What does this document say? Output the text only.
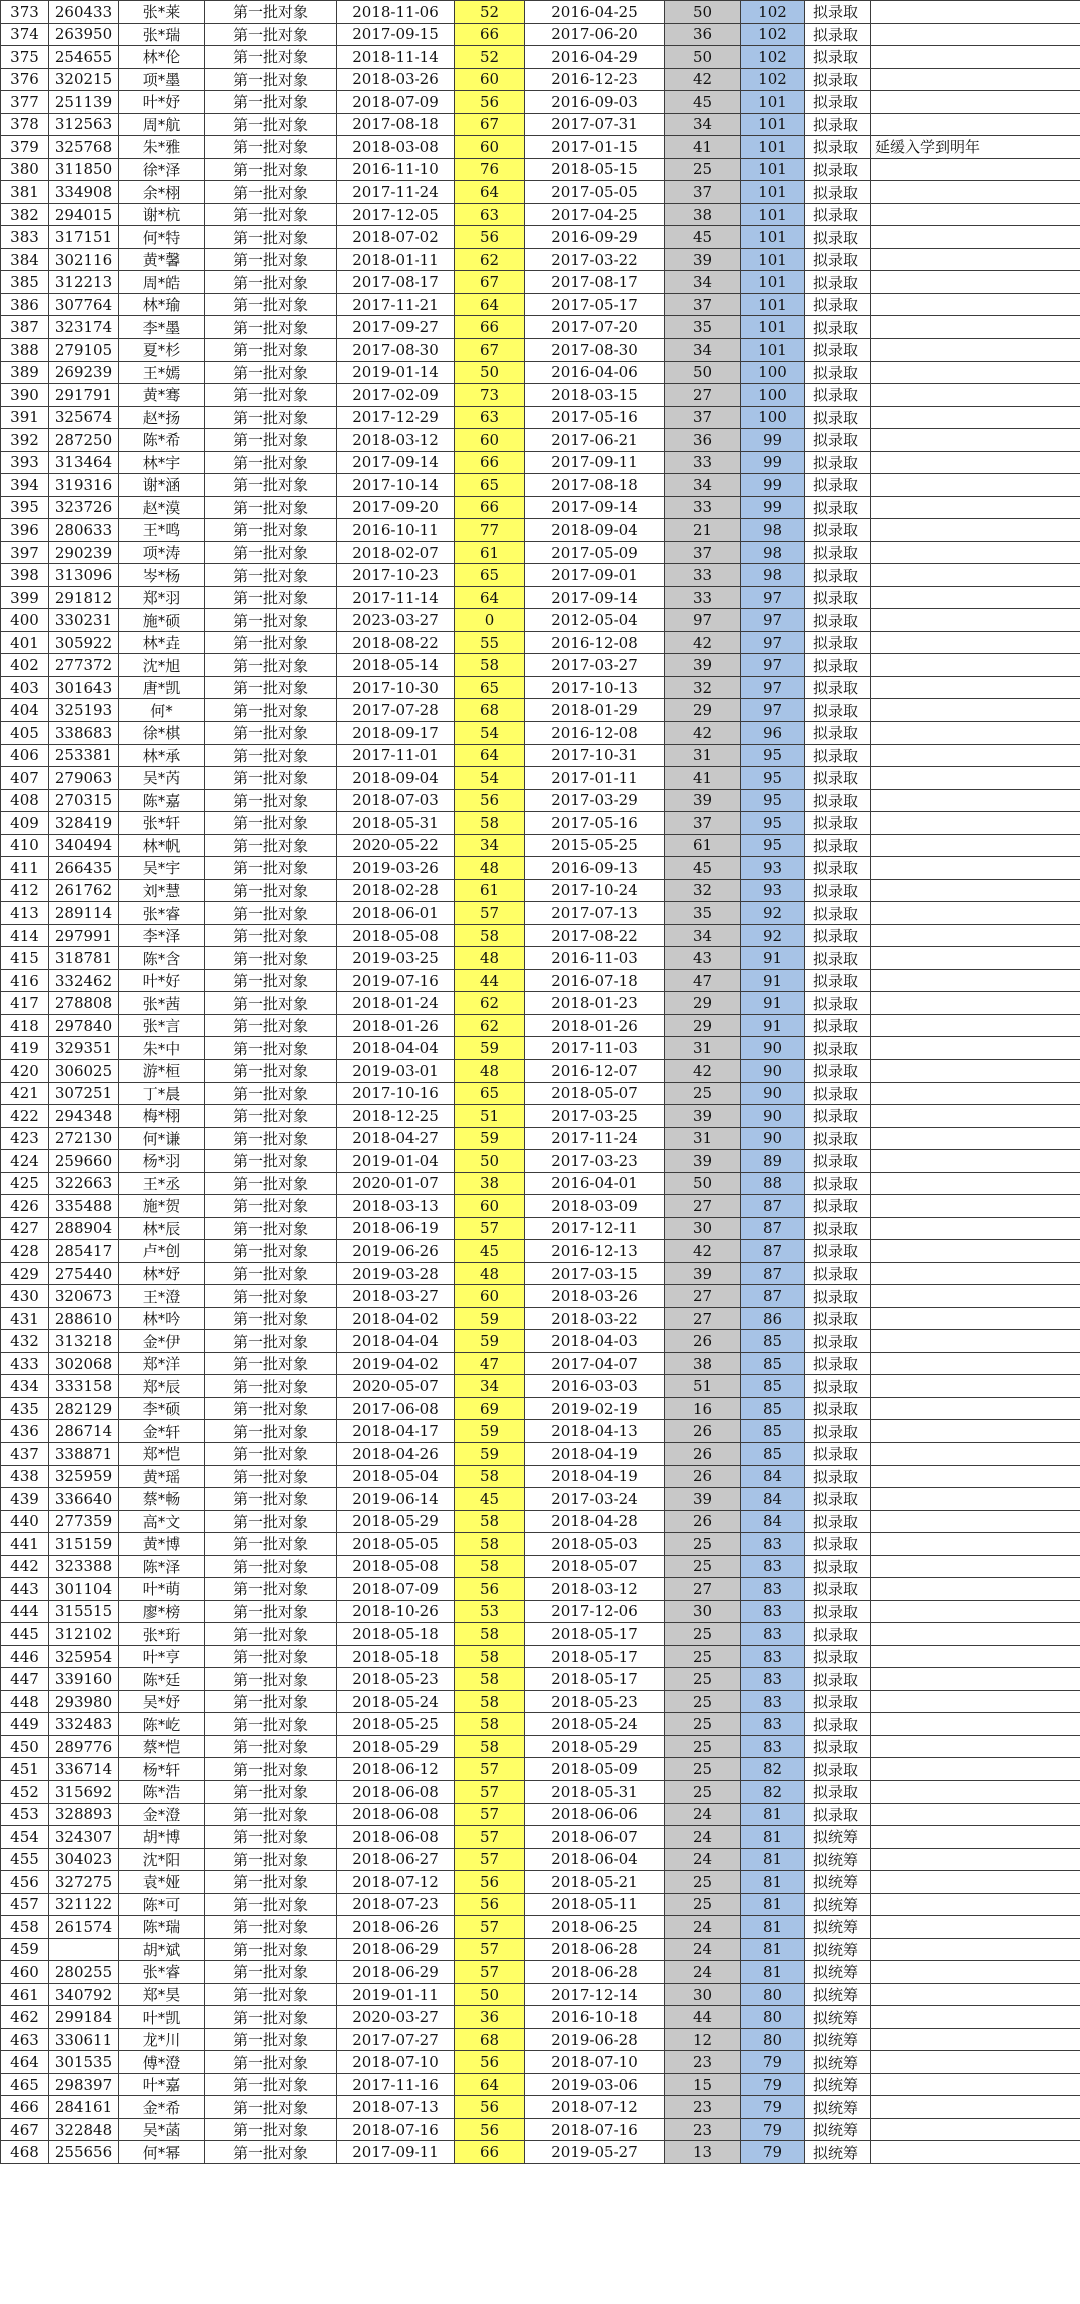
373	260433	张*莱	第一批对象	2018-11-06	52	2016-04-25	50	102	拟录取	
374	263950	张*瑞	第一批对象	2017-09-15	66	2017-06-20	36	102	拟录取	
375	254655	林*伦	第一批对象	2018-11-14	52	2016-04-29	50	102	拟录取	
376	320215	项*墨	第一批对象	2018-03-26	60	2016-12-23	42	102	拟录取	
377	251139	叶*妤	第一批对象	2018-07-09	56	2016-09-03	45	101	拟录取	
378	312563	周*航	第一批对象	2017-08-18	67	2017-07-31	34	101	拟录取	
379	325768	朱*雅	第一批对象	2018-03-08	60	2017-01-15	41	101	拟录取	延缓入学到明年
380	311850	徐*泽	第一批对象	2016-11-10	76	2018-05-15	25	101	拟录取	
381	334908	余*栩	第一批对象	2017-11-24	64	2017-05-05	37	101	拟录取	
382	294015	谢*杭	第一批对象	2017-12-05	63	2017-04-25	38	101	拟录取	
383	317151	何*特	第一批对象	2018-07-02	56	2016-09-29	45	101	拟录取	
384	302116	黄*馨	第一批对象	2018-01-11	62	2017-03-22	39	101	拟录取	
385	312213	周*皓	第一批对象	2017-08-17	67	2017-08-17	34	101	拟录取	
386	307764	林*瑜	第一批对象	2017-11-21	64	2017-05-17	37	101	拟录取	
387	323174	李*墨	第一批对象	2017-09-27	66	2017-07-20	35	101	拟录取	
388	279105	夏*杉	第一批对象	2017-08-30	67	2017-08-30	34	101	拟录取	
389	269239	王*嫣	第一批对象	2019-01-14	50	2016-04-06	50	100	拟录取	
390	291791	黄*骞	第一批对象	2017-02-09	73	2018-03-15	27	100	拟录取	
391	325674	赵*扬	第一批对象	2017-12-29	63	2017-05-16	37	100	拟录取	
392	287250	陈*希	第一批对象	2018-03-12	60	2017-06-21	36	99	拟录取	
393	313464	林*宇	第一批对象	2017-09-14	66	2017-09-11	33	99	拟录取	
394	319316	谢*涵	第一批对象	2017-10-14	65	2017-08-18	34	99	拟录取	
395	323726	赵*漠	第一批对象	2017-09-20	66	2017-09-14	33	99	拟录取	
396	280633	王*鸣	第一批对象	2016-10-11	77	2018-09-04	21	98	拟录取	
397	290239	项*涛	第一批对象	2018-02-07	61	2017-05-09	37	98	拟录取	
398	313096	岑*杨	第一批对象	2017-10-23	65	2017-09-01	33	98	拟录取	
399	291812	郑*羽	第一批对象	2017-11-14	64	2017-09-14	33	97	拟录取	
400	330231	施*硕	第一批对象	2023-03-27	0	2012-05-04	97	97	拟录取	
401	305922	林*垚	第一批对象	2018-08-22	55	2016-12-08	42	97	拟录取	
402	277372	沈*旭	第一批对象	2018-05-14	58	2017-03-27	39	97	拟录取	
403	301643	唐*凯	第一批对象	2017-10-30	65	2017-10-13	32	97	拟录取	
404	325193	何*	第一批对象	2017-07-28	68	2018-01-29	29	97	拟录取	
405	338683	徐*棋	第一批对象	2018-09-17	54	2016-12-08	42	96	拟录取	
406	253381	林*承	第一批对象	2017-11-01	64	2017-10-31	31	95	拟录取	
407	279063	吴*芮	第一批对象	2018-09-04	54	2017-01-11	41	95	拟录取	
408	270315	陈*嘉	第一批对象	2018-07-03	56	2017-03-29	39	95	拟录取	
409	328419	张*轩	第一批对象	2018-05-31	58	2017-05-16	37	95	拟录取	
410	340494	林*帆	第一批对象	2020-05-22	34	2015-05-25	61	95	拟录取	
411	266435	吴*宇	第一批对象	2019-03-26	48	2016-09-13	45	93	拟录取	
412	261762	刘*慧	第一批对象	2018-02-28	61	2017-10-24	32	93	拟录取	
413	289114	张*睿	第一批对象	2018-06-01	57	2017-07-13	35	92	拟录取	
414	297991	李*泽	第一批对象	2018-05-08	58	2017-08-22	34	92	拟录取	
415	318781	陈*含	第一批对象	2019-03-25	48	2016-11-03	43	91	拟录取	
416	332462	叶*好	第一批对象	2019-07-16	44	2016-07-18	47	91	拟录取	
417	278808	张*茜	第一批对象	2018-01-24	62	2018-01-23	29	91	拟录取	
418	297840	张*言	第一批对象	2018-01-26	62	2018-01-26	29	91	拟录取	
419	329351	朱*中	第一批对象	2018-04-04	59	2017-11-03	31	90	拟录取	
420	306025	游*桓	第一批对象	2019-03-01	48	2016-12-07	42	90	拟录取	
421	307251	丁*晨	第一批对象	2017-10-16	65	2018-05-07	25	90	拟录取	
422	294348	梅*栩	第一批对象	2018-12-25	51	2017-03-25	39	90	拟录取	
423	272130	何*谦	第一批对象	2018-04-27	59	2017-11-24	31	90	拟录取	
424	259660	杨*羽	第一批对象	2019-01-04	50	2017-03-23	39	89	拟录取	
425	322663	王*丞	第一批对象	2020-01-07	38	2016-04-01	50	88	拟录取	
426	335488	施*贺	第一批对象	2018-03-13	60	2018-03-09	27	87	拟录取	
427	288904	林*辰	第一批对象	2018-06-19	57	2017-12-11	30	87	拟录取	
428	285417	卢*创	第一批对象	2019-06-26	45	2016-12-13	42	87	拟录取	
429	275440	林*妤	第一批对象	2019-03-28	48	2017-03-15	39	87	拟录取	
430	320673	王*澄	第一批对象	2018-03-27	60	2018-03-26	27	87	拟录取	
431	288610	林*吟	第一批对象	2018-04-02	59	2018-03-22	27	86	拟录取	
432	313218	金*伊	第一批对象	2018-04-04	59	2018-04-03	26	85	拟录取	
433	302068	郑*洋	第一批对象	2019-04-02	47	2017-04-07	38	85	拟录取	
434	333158	郑*辰	第一批对象	2020-05-07	34	2016-03-03	51	85	拟录取	
435	282129	李*硕	第一批对象	2017-06-08	69	2019-02-19	16	85	拟录取	
436	286714	金*轩	第一批对象	2018-04-17	59	2018-04-13	26	85	拟录取	
437	338871	郑*恺	第一批对象	2018-04-26	59	2018-04-19	26	85	拟录取	
438	325959	黄*瑶	第一批对象	2018-05-04	58	2018-04-19	26	84	拟录取	
439	336640	蔡*畅	第一批对象	2019-06-14	45	2017-03-24	39	84	拟录取	
440	277359	高*文	第一批对象	2018-05-29	58	2018-04-28	26	84	拟录取	
441	315159	黄*博	第一批对象	2018-05-05	58	2018-05-03	25	83	拟录取	
442	323388	陈*泽	第一批对象	2018-05-08	58	2018-05-07	25	83	拟录取	
443	301104	叶*萌	第一批对象	2018-07-09	56	2018-03-12	27	83	拟录取	
444	315515	廖*榜	第一批对象	2018-10-26	53	2017-12-06	30	83	拟录取	
445	312102	张*珩	第一批对象	2018-05-18	58	2018-05-17	25	83	拟录取	
446	325954	叶*亨	第一批对象	2018-05-18	58	2018-05-17	25	83	拟录取	
447	339160	陈*廷	第一批对象	2018-05-23	58	2018-05-17	25	83	拟录取	
448	293980	吴*妤	第一批对象	2018-05-24	58	2018-05-23	25	83	拟录取	
449	332483	陈*屹	第一批对象	2018-05-25	58	2018-05-24	25	83	拟录取	
450	289776	蔡*恺	第一批对象	2018-05-29	58	2018-05-29	25	83	拟录取	
451	336714	杨*轩	第一批对象	2018-06-12	57	2018-05-09	25	82	拟录取	
452	315692	陈*浩	第一批对象	2018-06-08	57	2018-05-31	25	82	拟录取	
453	328893	金*澄	第一批对象	2018-06-08	57	2018-06-06	24	81	拟录取	
454	324307	胡*博	第一批对象	2018-06-08	57	2018-06-07	24	81	拟统筹	
455	304023	沈*阳	第一批对象	2018-06-27	57	2018-06-04	24	81	拟统筹	
456	327275	袁*娅	第一批对象	2018-07-12	56	2018-05-21	25	81	拟统筹	
457	321122	陈*可	第一批对象	2018-07-23	56	2018-05-11	25	81	拟统筹	
458	261574	陈*瑞	第一批对象	2018-06-26	57	2018-06-25	24	81	拟统筹	
459		胡*斌	第一批对象	2018-06-29	57	2018-06-28	24	81	拟统筹	
460	280255	张*睿	第一批对象	2018-06-29	57	2018-06-28	24	81	拟统筹	
461	340792	郑*昊	第一批对象	2019-01-11	50	2017-12-14	30	80	拟统筹	
462	299184	叶*凯	第一批对象	2020-03-27	36	2016-10-18	44	80	拟统筹	
463	330611	龙*川	第一批对象	2017-07-27	68	2019-06-28	12	80	拟统筹	
464	301535	傅*澄	第一批对象	2018-07-10	56	2018-07-10	23	79	拟统筹	
465	298397	叶*嘉	第一批对象	2017-11-16	64	2019-03-06	15	79	拟统筹	
466	284161	金*希	第一批对象	2018-07-13	56	2018-07-12	23	79	拟统筹	
467	322848	吴*菡	第一批对象	2018-07-16	56	2018-07-16	23	79	拟统筹	
468	255656	何*幂	第一批对象	2017-09-11	66	2019-05-27	13	79	拟统筹	
